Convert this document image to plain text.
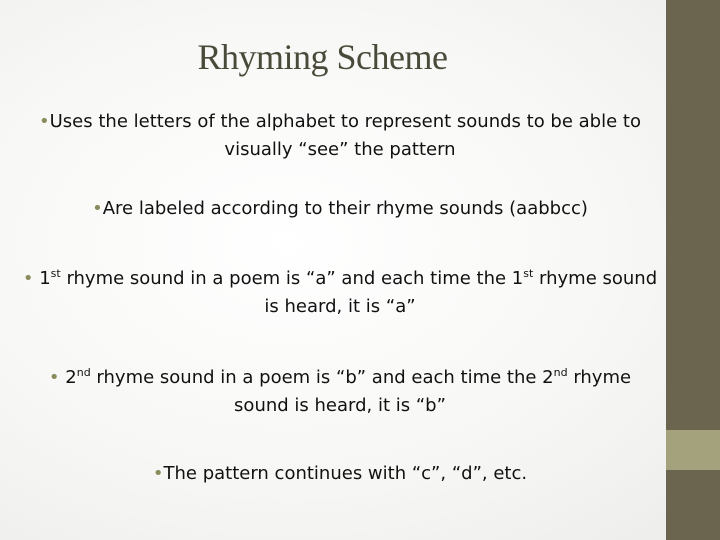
Rhyming Scheme
•Uses the letters of the alphabet to represent sounds to be able to visually “see” the pattern
•Are labeled according to their rhyme sounds (aabbcc)
• 1st rhyme sound in a poem is “a” and each time the 1st rhyme sound is heard, it is “a”
• 2nd rhyme sound in a poem is “b” and each time the 2nd rhyme sound is heard, it is “b”
•The pattern continues with “c”, “d”, etc.
